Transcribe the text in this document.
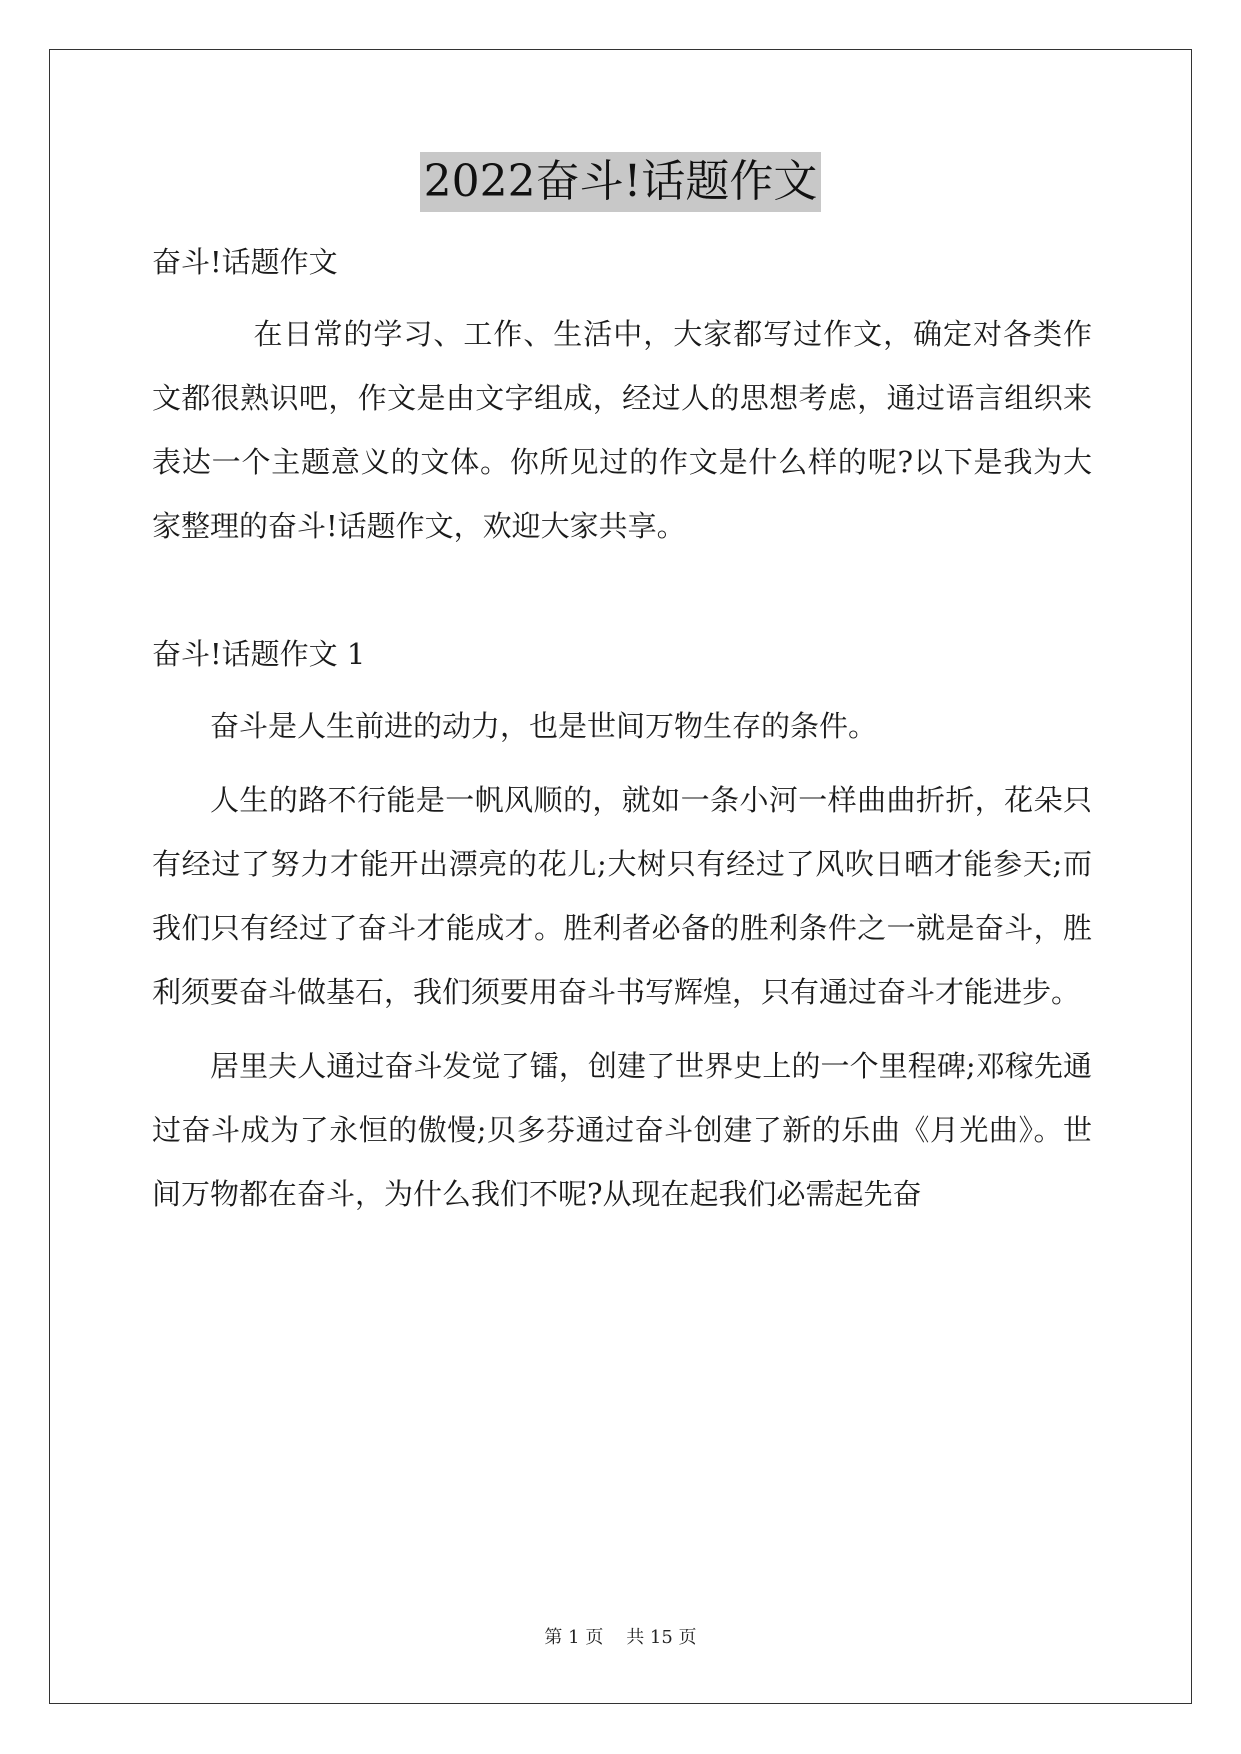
2022奋斗!话题作文

奋斗!话题作文

在日常的学习、工作、生活中，大家都写过作文，确定对各类作文都很熟识吧，作文是由文字组成，经过人的思想考虑，通过语言组织来表达一个主题意义的文体。你所见过的作文是什么样的呢?以下是我为大家整理的奋斗!话题作文，欢迎大家共享。

奋斗!话题作文 1

奋斗是人生前进的动力，也是世间万物生存的条件。

人生的路不行能是一帆风顺的，就如一条小河一样曲曲折折，花朵只有经过了努力才能开出漂亮的花儿;大树只有经过了风吹日晒才能参天;而我们只有经过了奋斗才能成才。胜利者必备的胜利条件之一就是奋斗，胜利须要奋斗做基石，我们须要用奋斗书写辉煌，只有通过奋斗才能进步。

居里夫人通过奋斗发觉了镭，创建了世界史上的一个里程碑;邓稼先通过奋斗成为了永恒的傲慢;贝多芬通过奋斗创建了新的乐曲《月光曲》。世间万物都在奋斗，为什么我们不呢?从现在起我们必需起先奋

第 1 页    共 15 页
